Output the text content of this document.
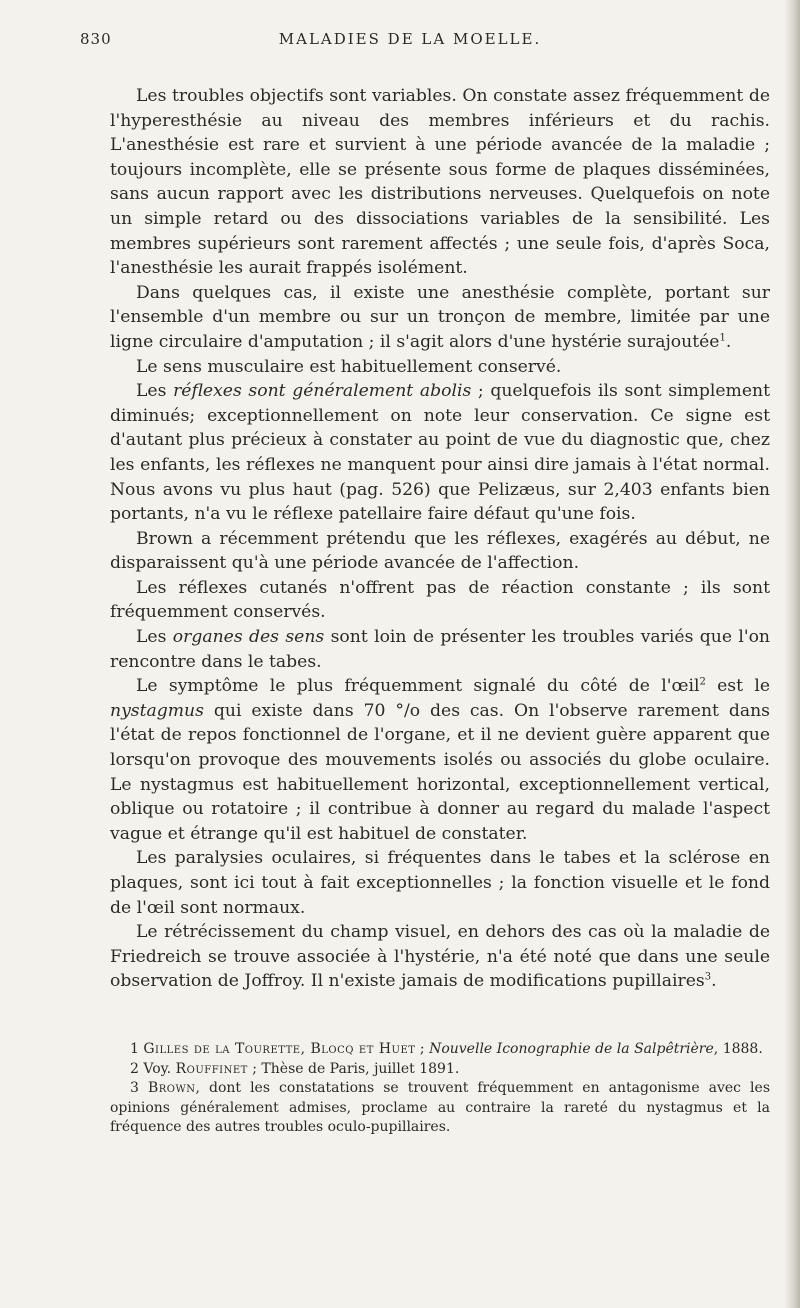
830	MALADIES DE LA MOELLE.

Les troubles objectifs sont variables. On constate assez fréquemment de l'hyperesthésie au niveau des membres inférieurs et du rachis. L'anesthésie est rare et survient à une période avancée de la maladie ; toujours incomplète, elle se présente sous forme de plaques disséminées, sans aucun rapport avec les distributions nerveuses. Quelquefois on note un simple retard ou des dissociations variables de la sensibilité. Les membres supérieurs sont rarement affectés ; une seule fois, d'après Soca, l'anesthésie les aurait frappés isolément.

Dans quelques cas, il existe une anesthésie complète, portant sur l'ensemble d'un membre ou sur un tronçon de membre, limitée par une ligne circulaire d'amputation ; il s'agit alors d'une hystérie surajoutée$^1$.

Le sens musculaire est habituellement conservé.

Les réflexes sont généralement abolis ; quelquefois ils sont simplement diminués; exceptionnellement on note leur conservation. Ce signe est d'autant plus précieux à constater au point de vue du diagnostic que, chez les enfants, les réflexes ne manquent pour ainsi dire jamais à l'état normal. Nous avons vu plus haut (pag. 526) que Pelizæus, sur 2,403 enfants bien portants, n'a vu le réflexe patellaire faire défaut qu'une fois.

Brown a récemment prétendu que les réflexes, exagérés au début, ne disparaissent qu'à une période avancée de l'affection.

Les réflexes cutanés n'offrent pas de réaction constante ; ils sont fréquemment conservés.

Les organes des sens sont loin de présenter les troubles variés que l'on rencontre dans le tabes.

Le symptôme le plus fréquemment signalé du côté de l'œil$^2$ est le nystagmus qui existe dans 70 °/o des cas. On l'observe rarement dans l'état de repos fonctionnel de l'organe, et il ne devient guère apparent que lorsqu'on provoque des mouvements isolés ou associés du globe oculaire. Le nystagmus est habituellement horizontal, exceptionnellement vertical, oblique ou rotatoire ; il contribue à donner au regard du malade l'aspect vague et étrange qu'il est habituel de constater.

Les paralysies oculaires, si fréquentes dans le tabes et la sclérose en plaques, sont ici tout à fait exceptionnelles ; la fonction visuelle et le fond de l'œil sont normaux.

Le rétrécissement du champ visuel, en dehors des cas où la maladie de Friedreich se trouve associée à l'hystérie, n'a été noté que dans une seule observation de Joffroy. Il n'existe jamais de modifications pupillaires$^3$.

1 Gilles de la Tourette, Blocq et Huet ; Nouvelle Iconographie de la Salpêtrière, 1888.

2 Voy. Rouffinet ; Thèse de Paris, juillet 1891.

3 Brown, dont les constatations se trouvent fréquemment en antagonisme avec les opinions généralement admises, proclame au contraire la rareté du nystagmus et la fréquence des autres troubles oculo-pupillaires.
